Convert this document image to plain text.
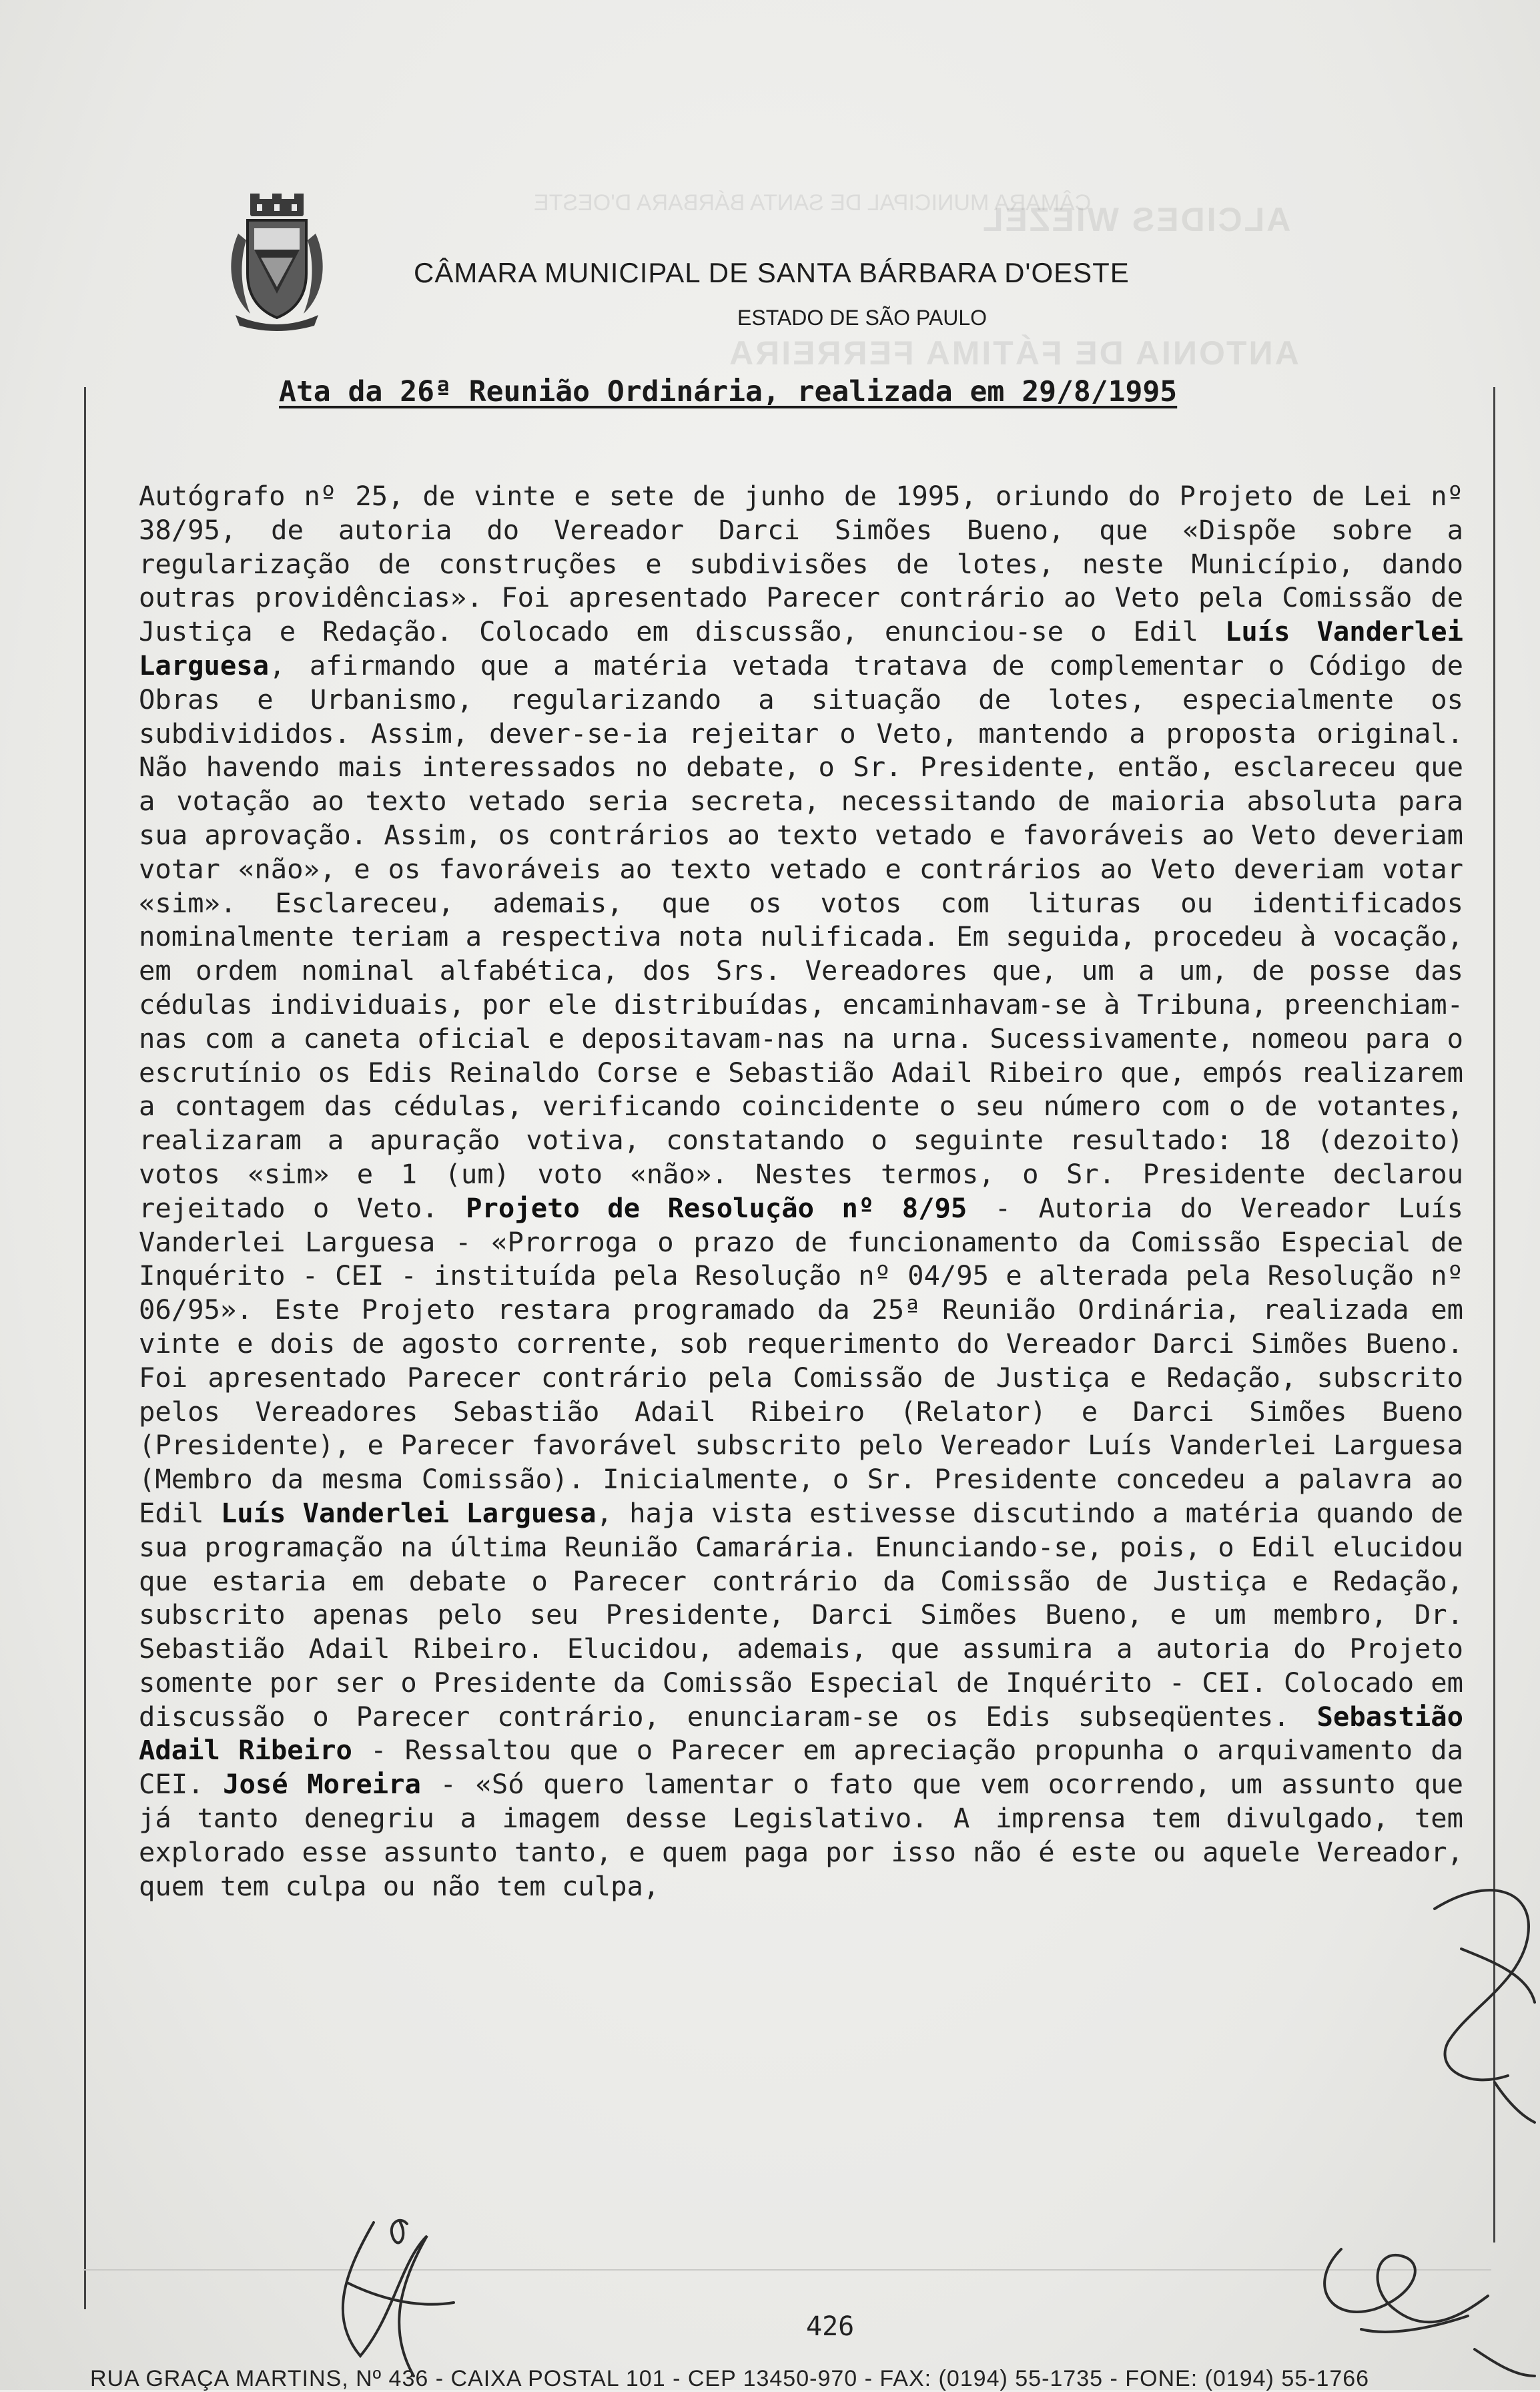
ALCIDES WIEZEL
ANTONIA DE FÁTIMA FERREIRA
CÂMARA MUNICIPAL DE SANTA BÁRBARA D'OESTE
CÂMARA MUNICIPAL DE SANTA BÁRBARA D'OESTE
ESTADO DE SÃO PAULO
Ata da 26ª Reunião Ordinária, realizada em 29/8/1995
Autógrafo nº 25, de vinte e sete de junho de 1995, oriundo do Projeto de Lei nº 38/95, de autoria do Vereador Darci Simões Bueno, que «Dispõe sobre a regularização de construções e subdivisões de lotes, neste Município, dando outras providências». Foi apresentado Parecer contrário ao Veto pela Comissão de Justiça e Redação. Colocado em discussão, enunciou-se o Edil Luís Vanderlei Larguesa, afirmando que a matéria vetada tratava de complementar o Código de Obras e Urbanismo, regularizando a situação de lotes, especialmente os subdivididos. Assim, dever-se-ia rejeitar o Veto, mantendo a proposta original. Não havendo mais interessados no debate, o Sr. Presidente, então, esclareceu que a votação ao texto vetado seria secreta, necessitando de maioria absoluta para sua aprovação. Assim, os contrários ao texto vetado e favoráveis ao Veto deveriam votar «não», e os favoráveis ao texto vetado e contrários ao Veto deveriam votar «sim». Esclareceu, ademais, que os votos com lituras ou identificados nominalmente teriam a respectiva nota nulificada. Em seguida, procedeu à vocação, em ordem nominal alfabética, dos Srs. Vereadores que, um a um, de posse das cédulas individuais, por ele distribuídas, encaminhavam-se à Tribuna, preenchiam-nas com a caneta oficial e depositavam-nas na urna. Sucessivamente, nomeou para o escrutínio os Edis Reinaldo Corse e Sebastião Adail Ribeiro que, empós realizarem a contagem das cédulas, verificando coincidente o seu número com o de votantes, realizaram a apuração votiva, constatando o seguinte resultado: 18 (dezoito) votos «sim» e 1 (um) voto «não». Nestes termos, o Sr. Presidente declarou rejeitado o Veto. Projeto de Resolução nº 8/95 - Autoria do Vereador Luís Vanderlei Larguesa - «Prorroga o prazo de funcionamento da Comissão Especial de Inquérito - CEI - instituída pela Resolução nº 04/95 e alterada pela Resolução nº 06/95». Este Projeto restara programado da 25ª Reunião Ordinária, realizada em vinte e dois de agosto corrente, sob requerimento do Vereador Darci Simões Bueno. Foi apresentado Parecer contrário pela Comissão de Justiça e Redação, subscrito pelos Vereadores Sebastião Adail Ribeiro (Relator) e Darci Simões Bueno (Presidente), e Parecer favorável subscrito pelo Vereador Luís Vanderlei Larguesa (Membro da mesma Comissão). Inicialmente, o Sr. Presidente concedeu a palavra ao Edil Luís Vanderlei Larguesa, haja vista estivesse discutindo a matéria quando de sua programação na última Reunião Camarária. Enunciando-se, pois, o Edil elucidou que estaria em debate o Parecer contrário da Comissão de Justiça e Redação, subscrito apenas pelo seu Presidente, Darci Simões Bueno, e um membro, Dr. Sebastião Adail Ribeiro. Elucidou, ademais, que assumira a autoria do Projeto somente por ser o Presidente da Comissão Especial de Inquérito - CEI. Colocado em discussão o Parecer contrário, enunciaram-se os Edis subseqüentes. Sebastião Adail Ribeiro - Ressaltou que o Parecer em apreciação propunha o arquivamento da CEI. José Moreira - «Só quero lamentar o fato que vem ocorrendo, um assunto que já tanto denegriu a imagem desse Legislativo. A imprensa tem divulgado, tem explorado esse assunto tanto, e quem paga por isso não é este ou aquele Vereador, quem tem culpa ou não tem culpa,
426
RUA GRAÇA MARTINS, Nº 436 - CAIXA POSTAL 101 - CEP 13450-970 - FAX: (0194) 55-1735 - FONE: (0194) 55-1766
